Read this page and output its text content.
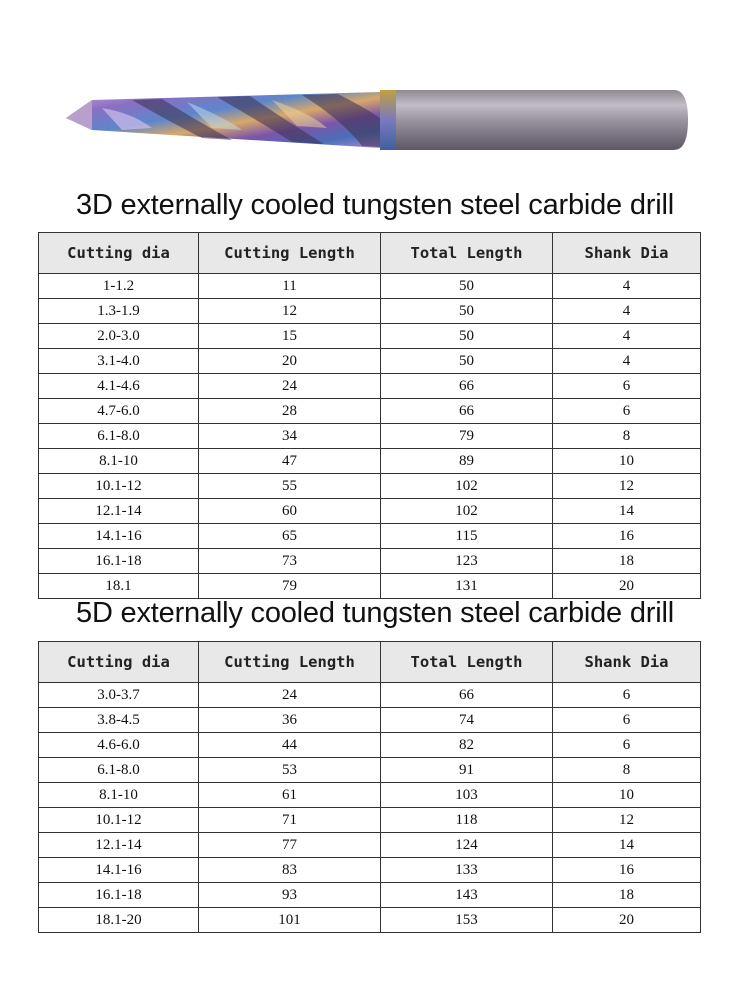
3D externally cooled tungsten steel carbide drill
Cutting dia	Cutting Length	Total Length	Shank Dia
1-1.2	11	50	4
1.3-1.9	12	50	4
2.0-3.0	15	50	4
3.1-4.0	20	50	4
4.1-4.6	24	66	6
4.7-6.0	28	66	6
6.1-8.0	34	79	8
8.1-10	47	89	10
10.1-12	55	102	12
12.1-14	60	102	14
14.1-16	65	115	16
16.1-18	73	123	18
18.1	79	131	20
5D externally cooled tungsten steel carbide drill
Cutting dia	Cutting Length	Total Length	Shank Dia
3.0-3.7	24	66	6
3.8-4.5	36	74	6
4.6-6.0	44	82	6
6.1-8.0	53	91	8
8.1-10	61	103	10
10.1-12	71	118	12
12.1-14	77	124	14
14.1-16	83	133	16
16.1-18	93	143	18
18.1-20	101	153	20
